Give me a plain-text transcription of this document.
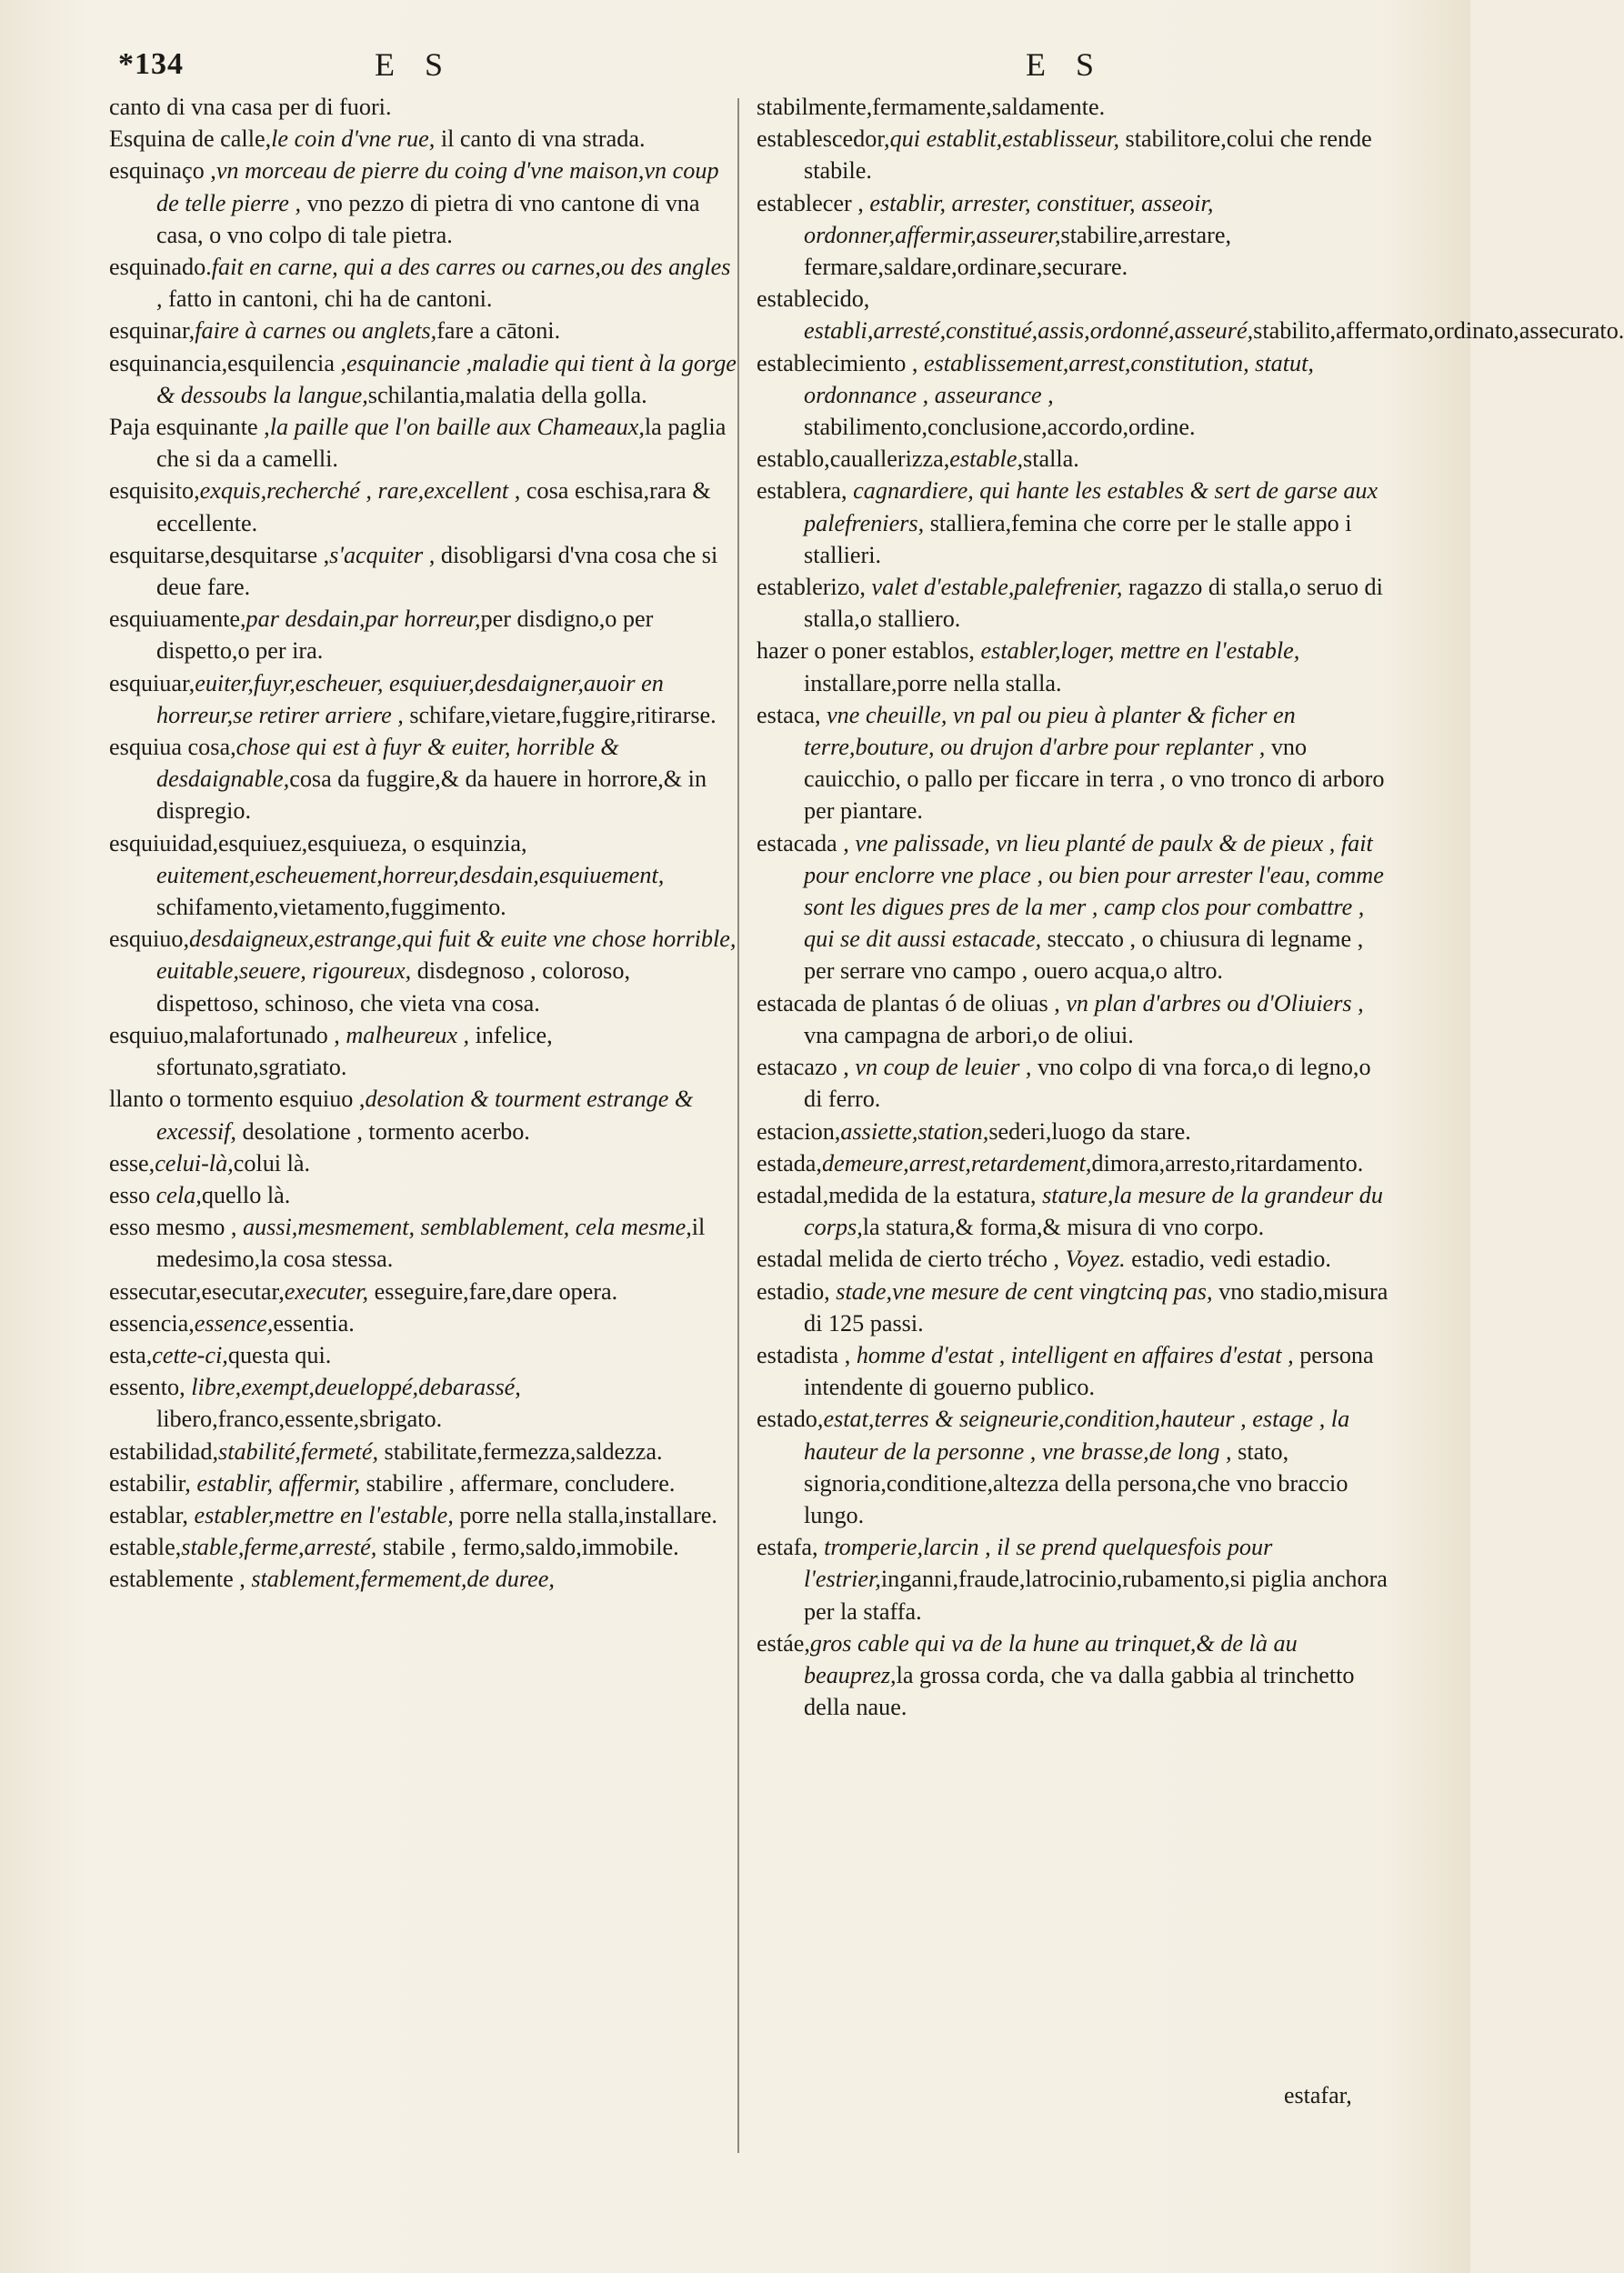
*134	E S	E S

canto di vna casa per di fuori.

Esquina de calle,le coin d'vne rue, il canto di vna strada.

esquinaço ,vn morceau de pierre du coing d'vne maison,vn coup de telle pierre , vno pezzo di pietra di vno cantone di vna casa, o vno colpo di tale pietra.

esquinado.fait en carne, qui a des carres ou carnes,ou des angles , fatto in cantoni, chi ha de cantoni.

esquinar,faire à carnes ou anglets,fare a cātoni.

esquinancia,esquilencia ,esquinancie ,maladie qui tient à la gorge & dessoubs la langue,schilantia,malatia della golla.

Paja esquinante ,la paille que l'on baille aux Chameaux,la paglia che si da a camelli.

esquisito,exquis,recherché , rare,excellent , cosa eschisa,rara & eccellente.

esquitarse,desquitarse ,s'acquiter , disobligarsi d'vna cosa che si deue fare.

esquiuamente,par desdain,par horreur,per disdigno,o per dispetto,o per ira.

esquiuar,euiter,fuyr,escheuer, esquiuer,desdaigner,auoir en horreur,se retirer arriere , schifare,vietare,fuggire,ritirarse.

esquiua cosa,chose qui est à fuyr & euiter, horrible & desdaignable,cosa da fuggire,& da hauere in horrore,& in dispregio.

esquiuidad,esquiuez,esquiueza, o esquinzia, euitement,escheuement,horreur,desdain,esquiuement, schifamento,vietamento,fuggimento.

esquiuo,desdaigneux,estrange,qui fuit & euite vne chose horrible, euitable,seuere, rigoureux, disdegnoso , coloroso, dispettoso, schinoso, che vieta vna cosa.

esquiuo,malafortunado , malheureux , infelice, sfortunato,sgratiato.

llanto o tormento esquiuo ,desolation & tourment estrange & excessif, desolatione , tormento acerbo.

esse,celui-là,colui là.

esso cela,quello là.

esso mesmo , aussi,mesmement, semblablement, cela mesme,il medesimo,la cosa stessa.

essecutar,esecutar,executer, esseguire,fare,dare opera.

essencia,essence,essentia.

esta,cette-ci,questa qui.

essento, libre,exempt,deueloppé,debarassé, libero,franco,essente,sbrigato.

estabilidad,stabilité,fermeté, stabilitate,fermezza,saldezza.

estabilir, establir, affermir, stabilire , affermare, concludere.

establar, establer,mettre en l'estable, porre nella stalla,installare.

estable,stable,ferme,arresté, stabile , fermo,saldo,immobile.

establemente , stablement,fermement,de duree,

stabilmente,fermamente,saldamente.

establescedor,qui establit,establisseur, stabilitore,colui che rende stabile.

establecer , establir, arrester, constituer, asseoir, ordonner,affermir,asseurer,stabilire,arrestare, fermare,saldare,ordinare,securare.

establecido, establi,arresté,constitué,assis,ordonné,asseuré,stabilito,affermato,ordinato,assecurato.

establecimiento , establissement,arrest,constitution, statut, ordonnance , asseurance , stabilimento,conclusione,accordo,ordine.

establo,cauallerizza,estable,stalla.

establera, cagnardiere, qui hante les estables & sert de garse aux palefreniers, stalliera,femina che corre per le stalle appo i stallieri.

establerizo, valet d'estable,palefrenier, ragazzo di stalla,o seruo di stalla,o stalliero.

hazer o poner establos, establer,loger, mettre en l'estable, installare,porre nella stalla.

estaca, vne cheuille, vn pal ou pieu à planter & ficher en terre,bouture, ou drujon d'arbre pour replanter , vno cauicchio, o pallo per ficcare in terra , o vno tronco di arboro per piantare.

estacada , vne palissade, vn lieu planté de paulx & de pieux , fait pour enclorre vne place , ou bien pour arrester l'eau, comme sont les digues pres de la mer , camp clos pour combattre , qui se dit aussi estacade, steccato , o chiusura di legname , per serrare vno campo , ouero acqua,o altro.

estacada de plantas ó de oliuas , vn plan d'arbres ou d'Oliuiers , vna campagna de arbori,o de oliui.

estacazo , vn coup de leuier , vno colpo di vna forca,o di legno,o di ferro.

estacion,assiette,station,sederi,luogo da stare.

estada,demeure,arrest,retardement,dimora,arresto,ritardamento.

estadal,medida de la estatura, stature,la mesure de la grandeur du corps,la statura,& forma,& misura di vno corpo.

estadal melida de cierto trécho , Voyez. estadio, vedi estadio.

estadio, stade,vne mesure de cent vingtcinq pas, vno stadio,misura di 125 passi.

estadista , homme d'estat , intelligent en affaires d'estat , persona intendente di gouerno publico.

estado,estat,terres & seigneurie,condition,hauteur , estage , la hauteur de la personne , vne brasse,de long , stato, signoria,conditione,altezza della persona,che vno braccio lungo.

estafa, tromperie,larcin , il se prend quelquesfois pour l'estrier,inganni,fraude,latrocinio,rubamento,si piglia anchora per la staffa.

estáe,gros cable qui va de la hune au trinquet,& de là au beauprez,la grossa corda, che va dalla gabbia al trinchetto della naue.

estafar,
